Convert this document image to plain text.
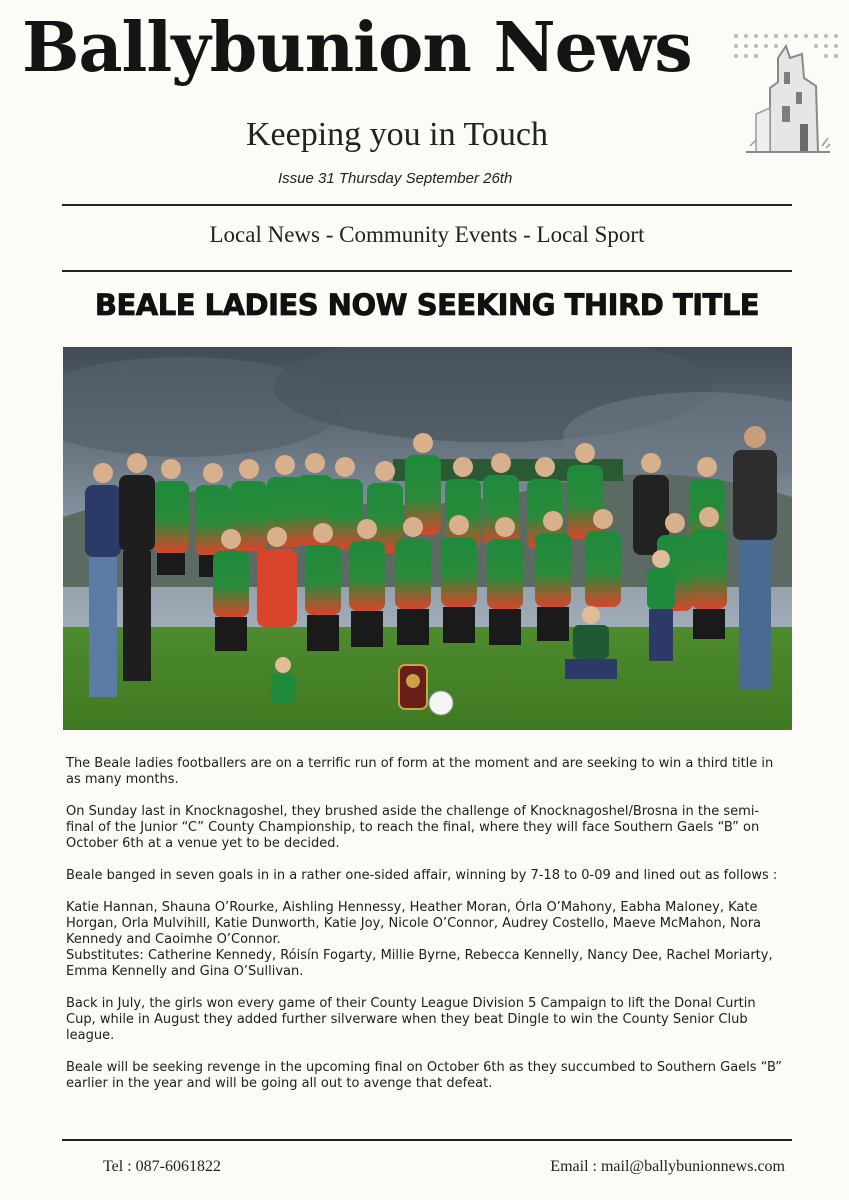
Ballybunion News
Keeping you in Touch
Issue 31 Thursday September 26th
Local News - Community Events - Local Sport
BEALE LADIES NOW SEEKING THIRD TITLE

The Beale ladies footballers are on a terrific run of form at the moment and are seeking to win a third title in as many months.

On Sunday last in Knocknagoshel, they brushed aside the challenge of Knocknagoshel/Brosna in the semi-final of the Junior “C” County Championship, to reach the final, where they will face Southern Gaels “B” on October 6th at a venue yet to be decided.

Beale banged in seven goals in in a rather one-sided affair, winning by 7-18 to 0-09 and lined out as follows :

Katie Hannan, Shauna O’Rourke, Aishling Hennessy, Heather Moran, Órla O’Mahony, Eabha Maloney, Kate Horgan, Orla Mulvihill, Katie Dunworth, Katie Joy, Nicole O’Connor, Audrey Costello, Maeve McMahon, Nora Kennedy and Caoimhe O’Connor.
Substitutes: Catherine Kennedy, Róisín Fogarty, Millie Byrne, Rebecca Kennelly, Nancy Dee, Rachel Moriarty, Emma Kennelly and Gina O’Sullivan.

Back in July, the girls won every game of their County League Division 5 Campaign to lift the Donal Curtin Cup, while in August they added further silverware when they beat Dingle to win the County Senior Club league.

Beale will be seeking revenge in the upcoming final on October 6th as they succumbed to Southern Gaels “B” earlier in the year and will be going all out to avenge that defeat.

Tel : 087-6061822	Email : mail@ballybunionnews.com
